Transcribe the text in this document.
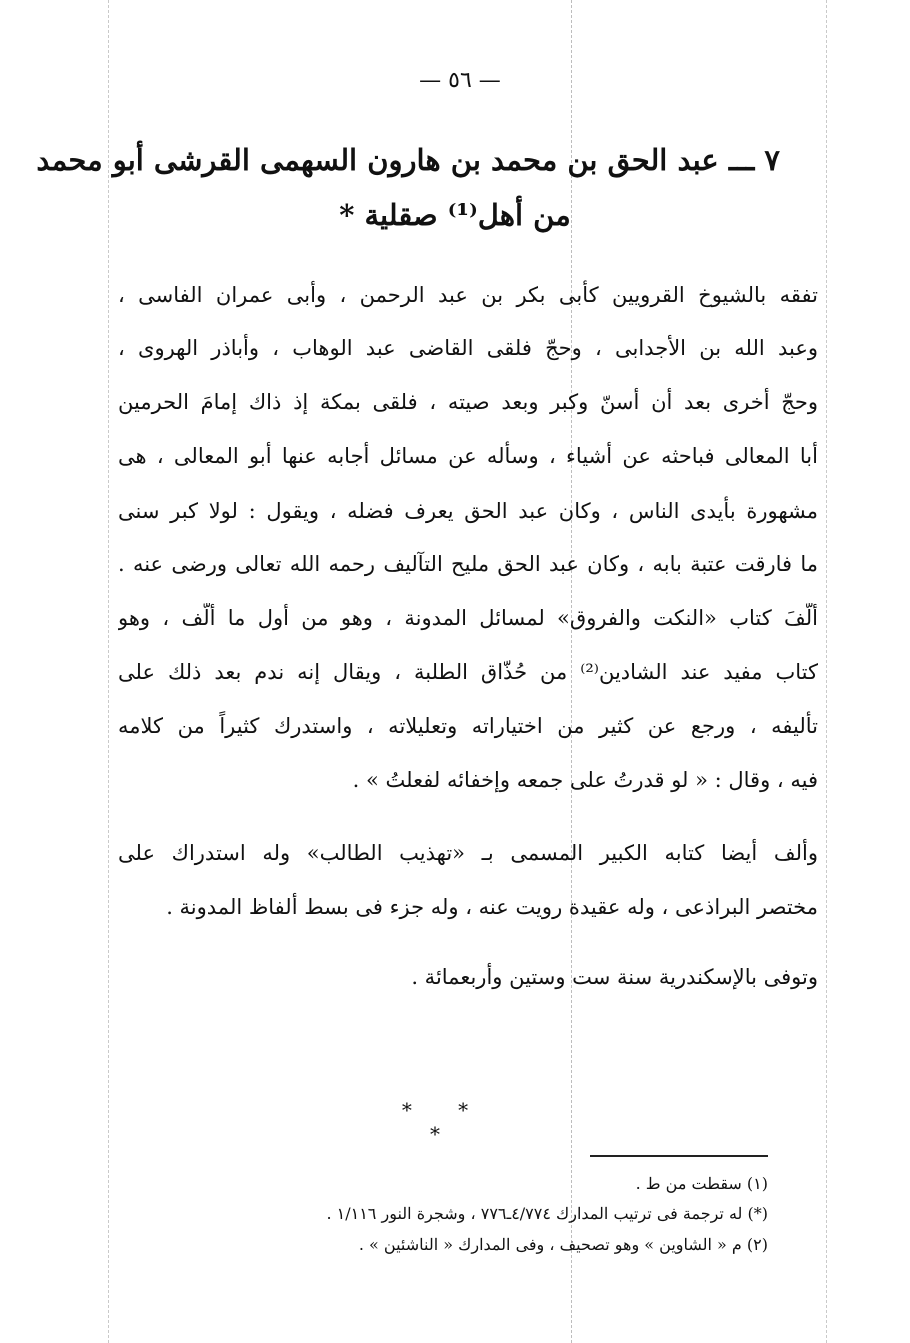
— ٥٦ —
٧ ـــ عبد الحق بن محمد بن هارون السهمى القرشى أبو محمد
من أهل⁽¹⁾ صقلية *
تفقه بالشيوخ القرويين كأبى بكر بن عبد الرحمن ، وأبى عمران الفاسى ،
وعبد الله بن الأجدابى ، وحجّ فلقى القاضى عبد الوهاب ، وأباذر الهروى ،
وحجّ أخرى بعد أن أسنّ وكبر وبعد صيته ، فلقى بمكة إذ ذاك إمامَ الحرمين
أبا المعالى فباحثه عن أشياء ، وسأله عن مسائل أجابه عنها أبو المعالى ، هى
مشهورة بأيدى الناس ، وكان عبد الحق يعرف فضله ، ويقول : لولا كبر سنى
ما فارقت عتبة بابه ، وكان عبد الحق مليح التآليف رحمه الله تعالى ورضى عنه .
ألّفَ كتاب «النكت والفروق» لمسائل المدونة ، وهو من أول ما ألّف ، وهو
كتاب مفيد عند الشادين⁽²⁾ من حُذّاق الطلبة ، ويقال إنه ندم بعد ذلك على
تأليفه ، ورجع عن كثير من اختياراته وتعليلاته ، واستدرك كثيراً من كلامه
فيه ، وقال : « لو قدرتُ على جمعه وإخفائه لفعلتُ » .
وألف أيضا كتابه الكبير المسمى بـ «تهذيب الطالب» وله استدراك على
مختصر البراذعى ، وله عقيدة رويت عنه ، وله جزء فى بسط ألفاظ المدونة .
وتوفى بالإسكندرية سنة ست وستين وأربعمائة .
* * *
(١) سقطت من ط .
(*) له ترجمة فى ترتيب المدارك ٤/٧٧٤ـ٧٧٦ ، وشجرة النور ١/١١٦ .
(٢) م « الشاوين » وهو تصحيف ، وفى المدارك « الناشئين » .
